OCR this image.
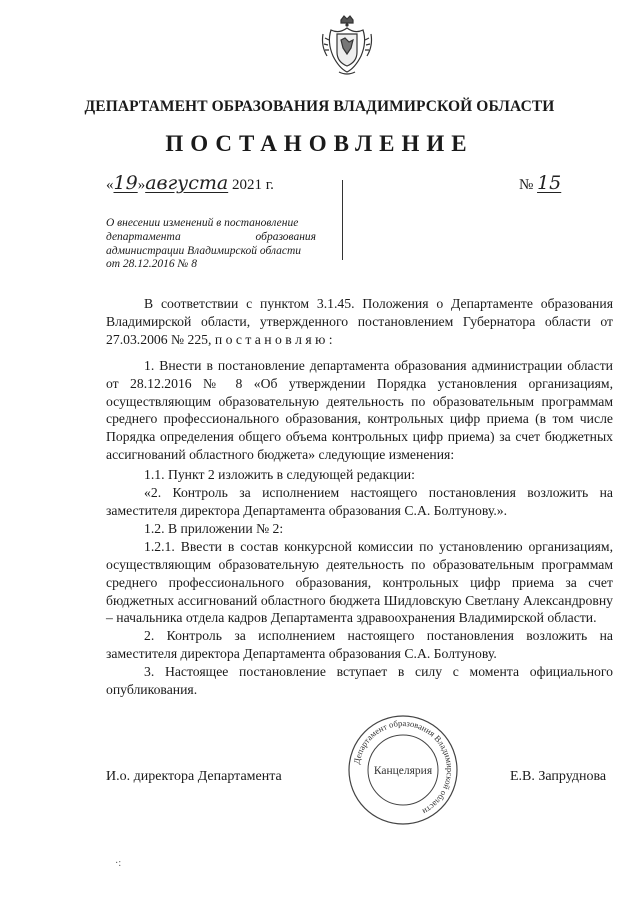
ДЕПАРТАМЕНТ ОБРАЗОВАНИЯ ВЛАДИМИРСКОЙ ОБЛАСТИ
ПОСТАНОВЛЕНИЕ
«19»августа 2021 г.	№ 15
О внесении изменений в постановление
департамента образования
администрации Владимирской области
от 28.12.2016 № 8

В соответствии с пунктом 3.1.45. Положения о Департаменте образования Владимирской области, утвержденного постановлением Губернатора области от 27.03.2006 № 225, п о с т а н о в л я ю :

1. Внести в постановление департамента образования администрации области от 28.12.2016 № 8 «Об утверждении Порядка установления организациям, осуществляющим образовательную деятельность по образовательным программам среднего профессионального образования, контрольных цифр приема (в том числе Порядка определения общего объема контрольных цифр приема) за счет бюджетных ассигнований областного бюджета» следующие изменения:

1.1. Пункт 2 изложить в следующей редакции:

«2. Контроль за исполнением настоящего постановления возложить на заместителя директора Департамента образования С.А. Болтунову.».

1.2. В приложении № 2:

1.2.1. Ввести в состав конкурсной комиссии по установлению организациям, осуществляющим образовательную деятельность по образовательным программам среднего профессионального образования, контрольных цифр приема за счет бюджетных ассигнований областного бюджета Шидловскую Светлану Александровну – начальника отдела кадров Департамента здравоохранения Владимирской области.

2. Контроль за исполнением настоящего постановления возложить на заместителя директора Департамента образования С.А. Болтунову.

3. Настоящее постановление вступает в силу с момента официального опубликования.

И.о. директора Департамента	Е.В. Запруднова
Департамент образования Владимирской области
Канцелярия
·:
